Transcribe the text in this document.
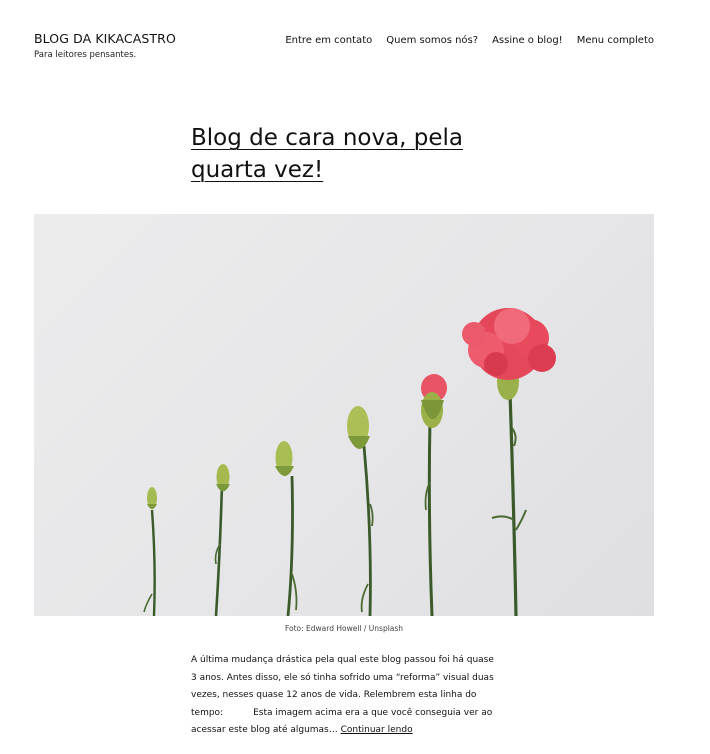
BLOG DA KIKACASTRO
Para leitores pensantes.
Entre em contato Quem somos nós? Assine o blog! Menu completo
Blog de cara nova, pela
quarta vez!
Foto: Edward Howell / Unsplash

A última mudança drástica pela qual este blog passou foi há quase 3 anos. Antes disso, ele só tinha sofrido uma “reforma” visual duas vezes, nesses quase 12 anos de vida. Relembrem esta linha do tempo:	Esta imagem acima era a que você conseguia ver ao acessar este blog até algumas… Continuar lendo
